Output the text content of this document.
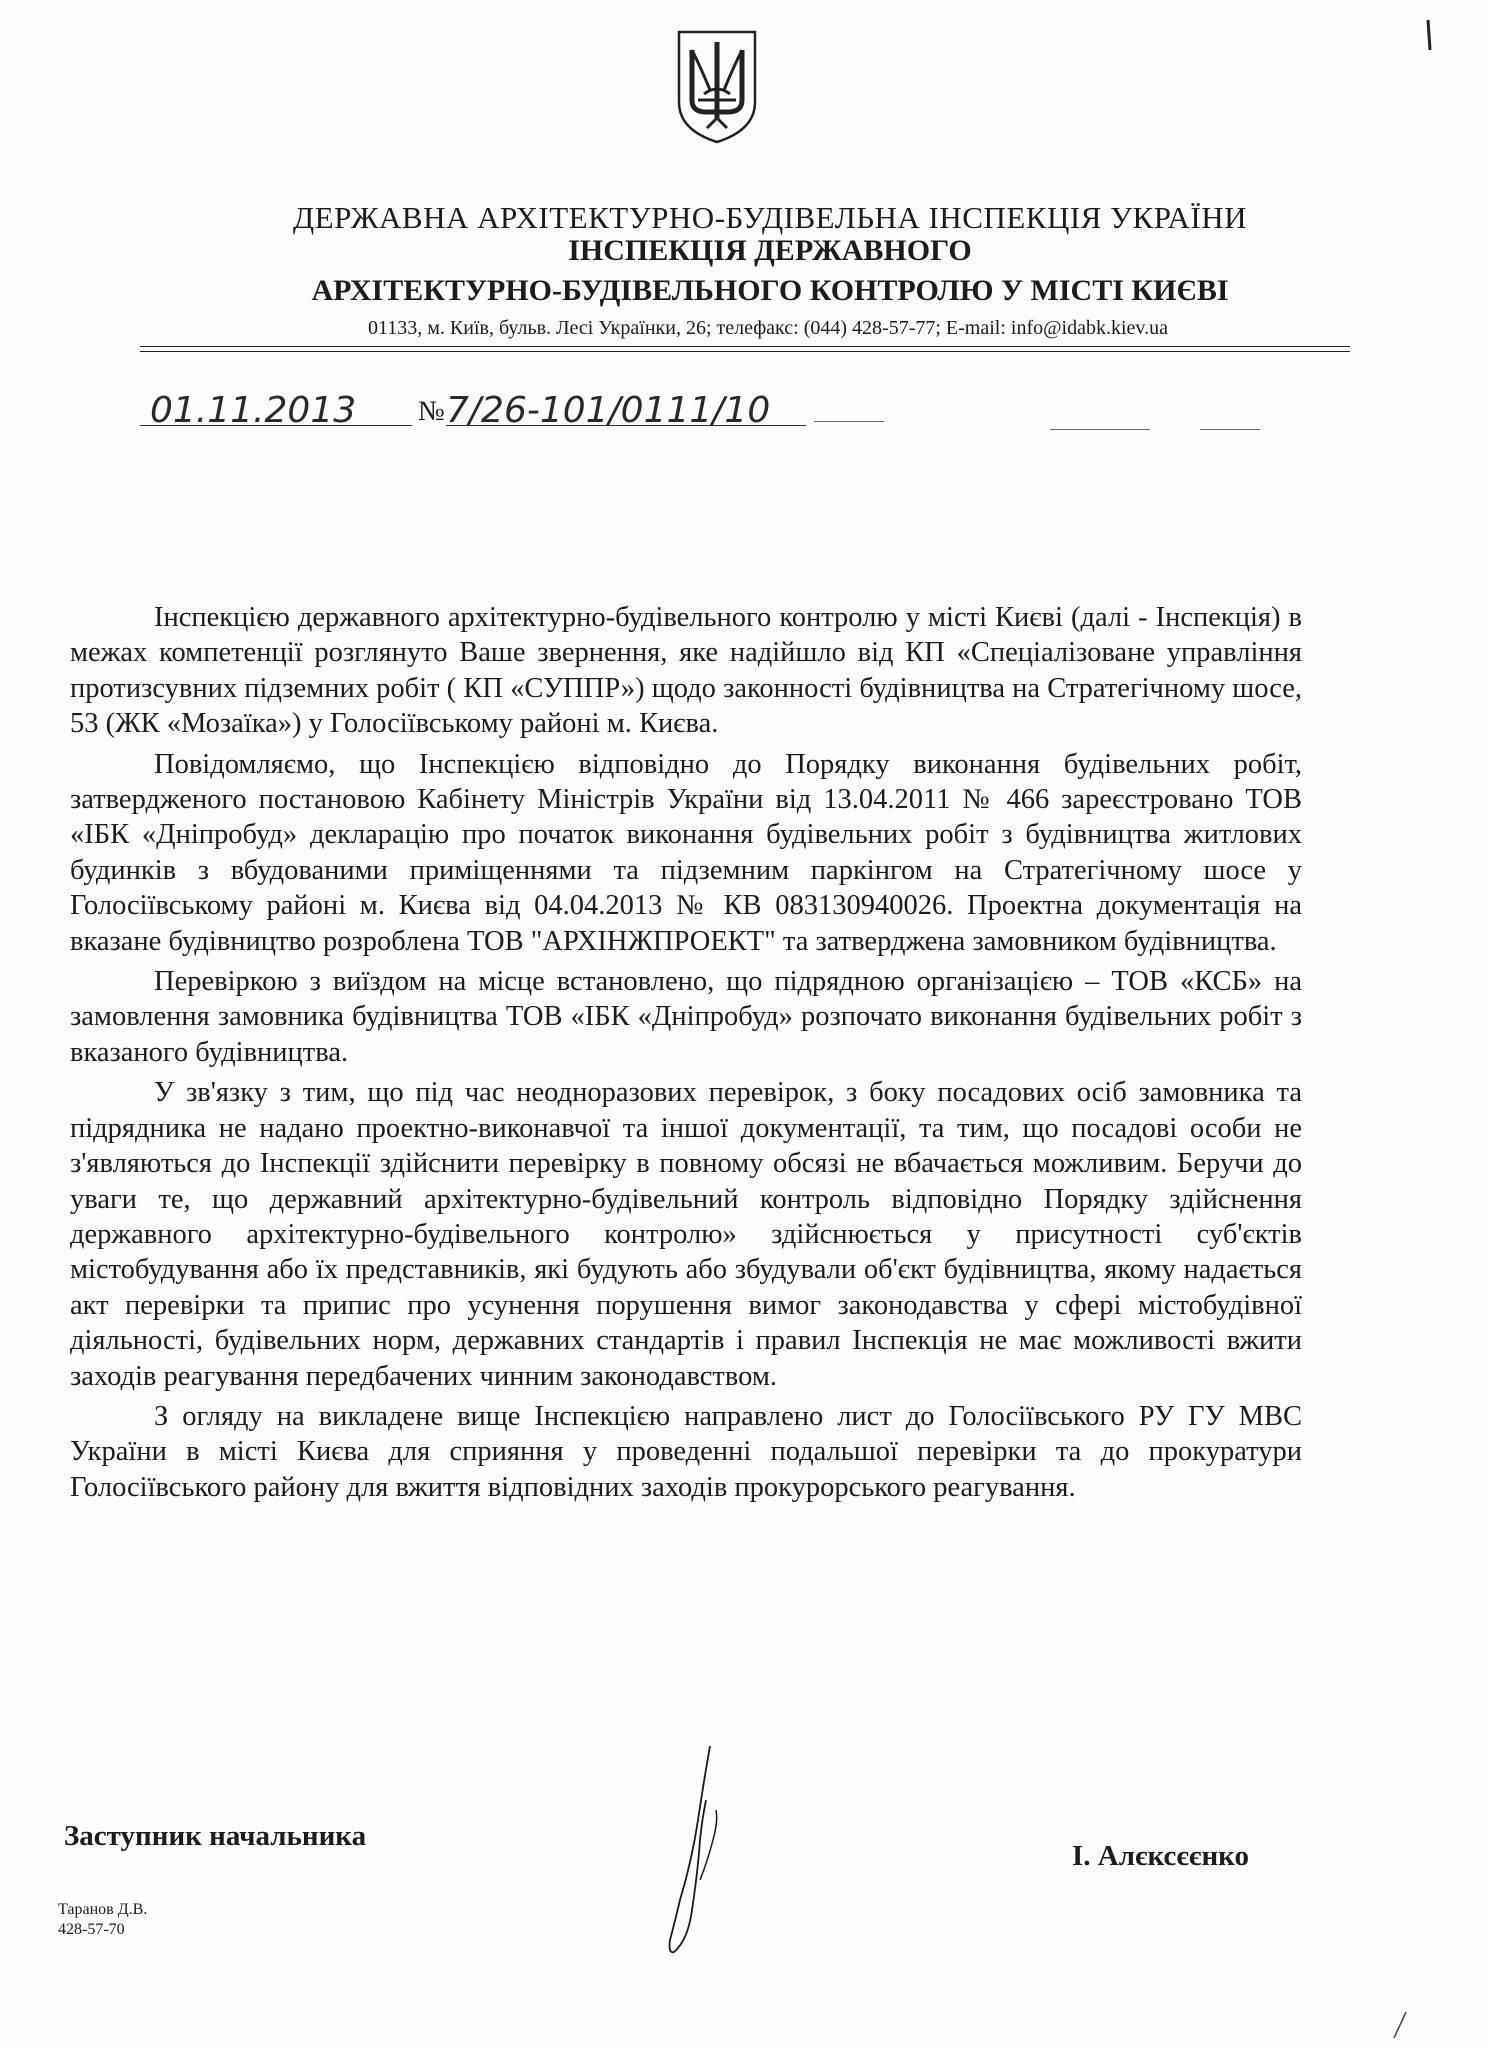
ДЕРЖАВНА АРХІТЕКТУРНО-БУДІВЕЛЬНА ІНСПЕКЦІЯ УКРАЇНИ
ІНСПЕКЦІЯ ДЕРЖАВНОГО
АРХІТЕКТУРНО-БУДІВЕЛЬНОГО КОНТРОЛЮ У МІСТІ КИЄВІ
01133, м. Київ, бульв. Лесі Українки, 26; телефакс: (044) 428-57-77; E-mail: info@idabk.kiev.ua
01.11.2013 № 7/26-101/0111/10

Інспекцією державного архітектурно-будівельного контролю у місті Києві (далі - Інспекція) в межах компетенції розглянуто Ваше звернення, яке надійшло від КП «Спеціалізоване управління протизсувних підземних робіт ( КП «СУППР») щодо законності будівництва на Стратегічному шосе, 53 (ЖК «Мозаїка») у Голосіївському районі м. Києва.

Повідомляємо, що Інспекцією відповідно до Порядку виконання будівельних робіт, затвердженого постановою Кабінету Міністрів України від 13.04.2011 № 466 зареєстровано ТОВ «ІБК «Дніпробуд» декларацію про початок виконання будівельних робіт з будівництва житлових будинків з вбудованими приміщеннями та підземним паркінгом на Стратегічному шосе у Голосіївському районі м. Києва від 04.04.2013 № КВ 083130940026. Проектна документація на вказане будівництво розроблена ТОВ "АРХІНЖПРОЕКТ" та затверджена замовником будівництва.

Перевіркою з виїздом на місце встановлено, що підрядною організацією – ТОВ «КСБ» на замовлення замовника будівництва ТОВ «ІБК «Дніпробуд» розпочато виконання будівельних робіт з вказаного будівництва.

У зв'язку з тим, що під час неодноразових перевірок, з боку посадових осіб замовника та підрядника не надано проектно-виконавчої та іншої документації, та тим, що посадові особи не з'являються до Інспекції здійснити перевірку в повному обсязі не вбачається можливим. Беручи до уваги те, що державний архітектурно-будівельний контроль відповідно Порядку здійснення державного архітектурно-будівельного контролю» здійснюється у присутності суб'єктів містобудування або їх представників, які будують або збудували об'єкт будівництва, якому надається акт перевірки та припис про усунення порушення вимог законодавства у сфері містобудівної діяльності, будівельних норм, державних стандартів і правил Інспекція не має можливості вжити заходів реагування передбачених чинним законодавством.

З огляду на викладене вище Інспекцією направлено лист до Голосіївського РУ ГУ МВС України в місті Києва для сприяння у проведенні подальшої перевірки та до прокуратури Голосіївського району для вжиття відповідних заходів прокурорського реагування.

Заступник начальника
І. Алєксєєнко
Таранов Д.В.
428-57-70
